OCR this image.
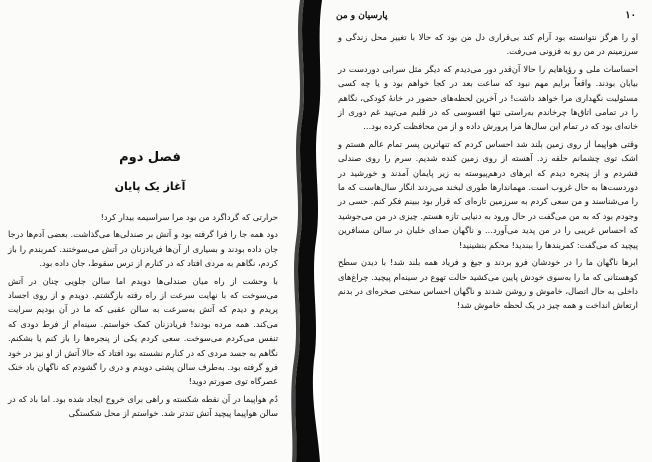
فصل دوم
آغاز یک پایان

حرارتی که گرداگرد من بود مرا سراسیمه بیدار کرد!

دود همه جا را فرا گرفته بود و آتش بر صندلی‌ها می‌گذاشت. بعضی آدم‌ها درجا جان داده بودند و بسیاری از آن‌ها فریادزنان در آتش می‌سوختند. کمربندم را باز کردم، نگاهم به مردی افتاد که در کنارم از ترس سقوط، جان داده بود.

با وحشت از راه میان صندلی‌ها دویدم اما سالن جلویی چنان در آتش می‌سوخت که با نهایت سرعت از راه رفته بازگشتم. دویدم و از روی اجساد پریدم و دیدم که آتش به‌سرعت به سالن عقبی که ما در آن بودیم سرایت می‌کند. همه مرده بودند! فریادزنان کمک خواستم. سینه‌ام از فرط دودی که تنفس می‌کردم می‌سوخت. سعی کردم یکی از پنجره‌ها را باز کنم یا بشکنم. نگاهم به جسد مردی که در کنارم نشسته بود افتاد که حالا آتش از او نیز در خود فرو گرفته بود. به‌طرف سالن پشتی دویدم و دری را گشودم که ناگهان باد خنک عصرگاه توی صورتم دوید!

دُم هواپیما در آن نقطه شکسته و راهی برای خروج ایجاد شده بود. اما باد که در سالن هواپیما پیچید آتش تندتر شد. خواستم از محل شکستگی

پارسیان و من	۱۰

او را هرگز نتوانسته بود آرام کند بی‌قراری دل من بود که حالا با تغییر محل زندگی و سرزمینم در من رو به فزونی می‌رفت.

احساسات ملی و رؤیاهایم را حالا آن‌قدر دور می‌دیدم که دیگر مثل سرابی دوردست در بیابان بودند. واقعاً برایم مهم نبود که ساعت بعد در کجا خواهم بود و یا چه کسی مسئولیت نگهداری مرا خواهد داشت! در آخرین لحظه‌های حضور در خانهٔ کودکی، نگاهم را در تمامی اتاق‌ها چرخاندم به‌راستی تنها افسوسی که در قلبم می‌تپید غم دوری از خانه‌ای بود که در تمام این سال‌ها مرا پرورش داده و از من محافظت کرده بود...

وقتی هواپیما از روی زمین بلند شد احساس کردم که تنهاترین پسر تمام عالم هستم و اشک توی چشمانم حلقه زد. آهسته از روی زمین کنده شدیم. سرم را روی صندلی فشردم و از پنجره دیدم که ابرهای درهم‌پیوسته به زیر پایمان آمدند و خورشید در دوردست‌ها به حال غروب است. مهماندارها طوری لبخند می‌زدند انگار سال‌هاست که ما را می‌شناسند و من سعی کردم به سرزمین تازه‌ای که قرار بود ببینم فکر کنم. حسی در وجودم بود که به من می‌گفت در حال ورود به دنیایی تازه هستم. چیزی در من می‌جوشید که احساس غریبی را در من پدید می‌آورد... و ناگهان صدای خلبان در سالن مسافرین پیچید که می‌گفت: کمربندها را ببندید! محکم بنشینید!

ابرها ناگهان ما را در خودشان فرو بردند و جیغ و فریاد همه بلند شد! با دیدن سطح کوهستانی که ما را به‌سوی خودش پایین می‌کشید حالت تهوع در سینه‌ام پیچید. چراغ‌های داخلی به حال اتصال، خاموش و روشن شدند و ناگهان احساس سختی صخره‌ای در بدنم ارتعاش انداخت و همه چیز در یک لحظه خاموش شد!
